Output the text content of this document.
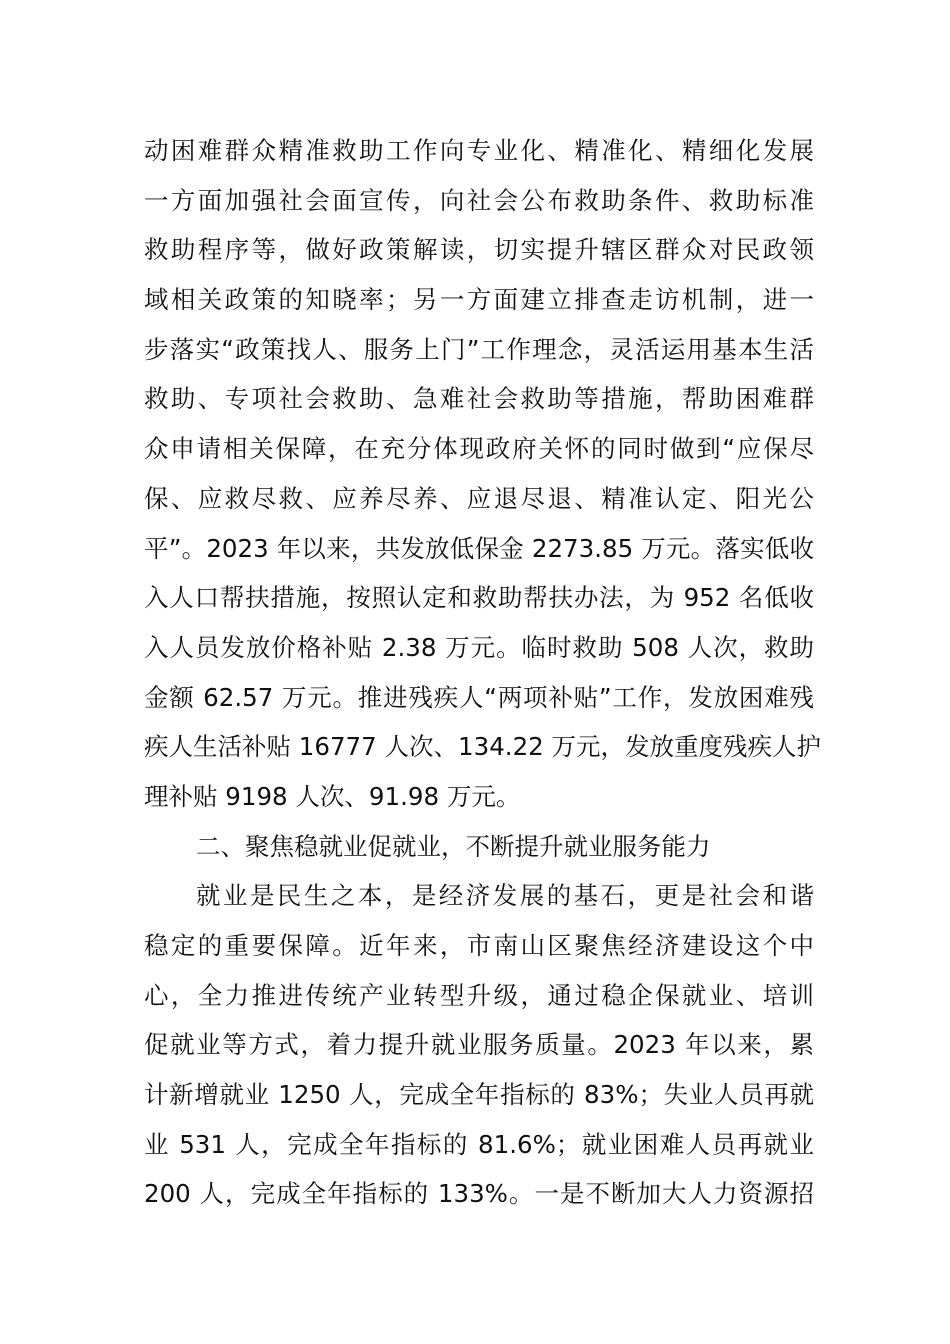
动困难群众精准救助工作向专业化、精准化、精细化发展
一方面加强社会面宣传，向社会公布救助条件、救助标准
救助程序等，做好政策解读，切实提升辖区群众对民政领
域相关政策的知晓率；另一方面建立排查走访机制，进一
步落实“政策找人、服务上门”工作理念，灵活运用基本生活
救助、专项社会救助、急难社会救助等措施，帮助困难群
众申请相关保障，在充分体现政府关怀的同时做到“应保尽
保、应救尽救、应养尽养、应退尽退、精准认定、阳光公
平”。2023 年以来，共发放低保金 2273.85 万元。落实低收
入人口帮扶措施，按照认定和救助帮扶办法，为 952 名低收
入人员发放价格补贴 2.38 万元。临时救助 508 人次，救助
金额 62.57 万元。推进残疾人“两项补贴”工作，发放困难残
疾人生活补贴 16777 人次、134.22 万元，发放重度残疾人护
理补贴 9198 人次、91.98 万元。
二、聚焦稳就业促就业，不断提升就业服务能力
就业是民生之本，是经济发展的基石，更是社会和谐
稳定的重要保障。近年来，市南山区聚焦经济建设这个中
心，全力推进传统产业转型升级，通过稳企保就业、培训
促就业等方式，着力提升就业服务质量。2023 年以来，累
计新增就业 1250 人，完成全年指标的 83%；失业人员再就
业 531 人，完成全年指标的 81.6%；就业困难人员再就业
200 人，完成全年指标的 133%。一是不断加大人力资源招
